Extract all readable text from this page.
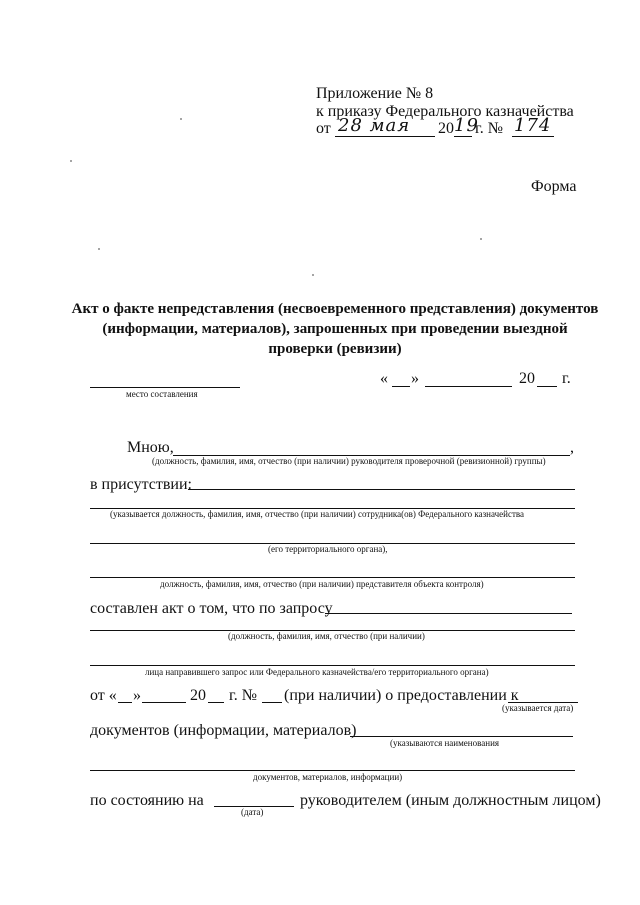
Приложение № 8
к приказу Федерального казначейства
от 28 мая 20 19
г. № 174
Форма
Акт о факте непредставления (несвоевременного представления) документов (информации, материалов), запрошенных при проведении выездной проверки (ревизии)
место составления
« »	20 г.
Мною,	,
(должность, фамилия, имя, отчество (при наличии) руководителя проверочной (ревизионной) группы)
в присутствии:
(указывается должность, фамилия, имя, отчество (при наличии) сотрудника(ов) Федерального казначейства
(его территориального органа),
должность, фамилия, имя, отчество (при наличии) представителя объекта контроля)
составлен акт о том, что по запросу
(должность, фамилия, имя, отчество (при наличии)
лица направившего запрос или Федерального казначейства/его территориального органа)
от « »	20 г. № (при наличии) о предоставлении к
(указывается дата)
документов (информации, материалов)
(указываются наименования
документов, материалов, информации)
по состоянию на
(дата)
руководителем (иным должностным лицом)
